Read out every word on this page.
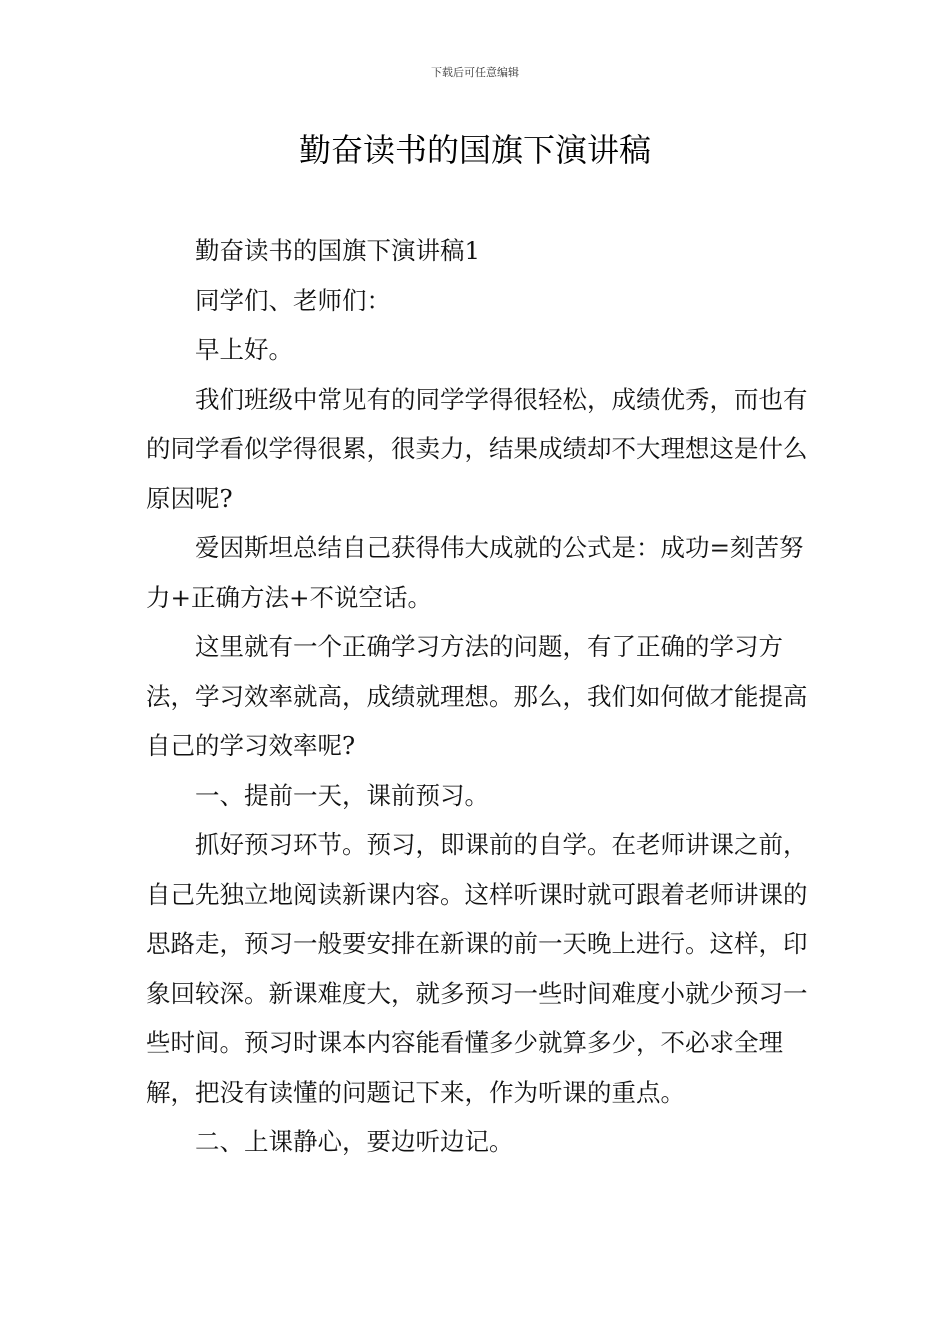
下载后可任意编辑
勤奋读书的国旗下演讲稿

勤奋读书的国旗下演讲稿1

同学们、老师们：

早上好。

我们班级中常见有的同学学得很轻松，成绩优秀，而也有的同学看似学得很累，很卖力，结果成绩却不大理想这是什么原因呢?

爱因斯坦总结自己获得伟大成就的公式是：成功=刻苦努力+正确方法+不说空话。

这里就有一个正确学习方法的问题，有了正确的学习方法，学习效率就高，成绩就理想。那么，我们如何做才能提高自己的学习效率呢?

一、提前一天，课前预习。

抓好预习环节。预习，即课前的自学。在老师讲课之前，自己先独立地阅读新课内容。这样听课时就可跟着老师讲课的思路走，预习一般要安排在新课的前一天晚上进行。这样，印象回较深。新课难度大，就多预习一些时间难度小就少预习一些时间。预习时课本内容能看懂多少就算多少，不必求全理解，把没有读懂的问题记下来，作为听课的重点。

二、上课静心，要边听边记。
